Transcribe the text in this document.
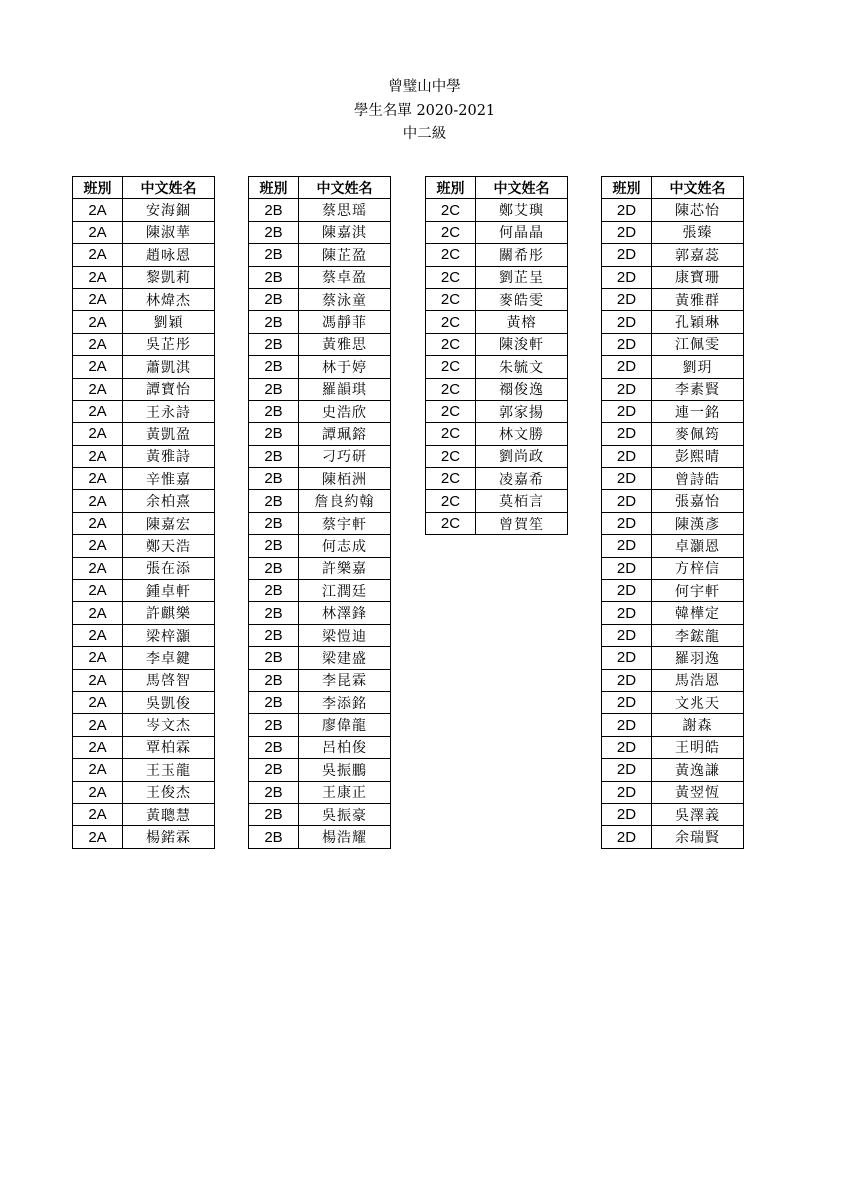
曾璧山中學
學生名單 2020-2021
中二級
班別	中文姓名
2A	安海錮
2A	陳淑華
2A	趙咏恩
2A	黎凱莉
2A	林煒杰
2A	劉穎
2A	吳芷彤
2A	蕭凱淇
2A	譚寶怡
2A	王永詩
2A	黃凱盈
2A	黃雅詩
2A	辛惟嘉
2A	余柏熹
2A	陳嘉宏
2A	鄭天浩
2A	張在添
2A	鍾卓軒
2A	許麒樂
2A	梁梓灝
2A	李卓鍵
2A	馬啓智
2A	吳凱俊
2A	岑文杰
2A	覃柏霖
2A	王玉龍
2A	王俊杰
2A	黃聰慧
2A	楊鍩霖
班別	中文姓名
2B	蔡思瑶
2B	陳嘉淇
2B	陳芷盈
2B	蔡卓盈
2B	蔡泳童
2B	馮靜菲
2B	黃雅思
2B	林于婷
2B	羅韻琪
2B	史浩欣
2B	譚珮鎔
2B	刁巧研
2B	陳栢洲
2B	詹良約翰
2B	蔡宇軒
2B	何志成
2B	許樂嘉
2B	江潤廷
2B	林澤鋒
2B	梁愷迪
2B	梁建盛
2B	李昆霖
2B	李添銘
2B	廖偉龍
2B	呂柏俊
2B	吳振鵬
2B	王康正
2B	吳振豪
2B	楊浩耀
班別	中文姓名
2C	鄭艾璵
2C	何晶晶
2C	關希彤
2C	劉芷呈
2C	麥皓雯
2C	黃榕
2C	陳浚軒
2C	朱毓文
2C	禤俊逸
2C	郭家揚
2C	林文勝
2C	劉尚政
2C	凌嘉希
2C	莫栢言
2C	曾賀笙
班別	中文姓名
2D	陳芯怡
2D	張臻
2D	郭嘉蕊
2D	康寶珊
2D	黃雅群
2D	孔穎琳
2D	江佩雯
2D	劉玥
2D	李素賢
2D	連一銘
2D	麥佩筠
2D	彭熙晴
2D	曾詩皓
2D	張嘉怡
2D	陳漢彥
2D	卓灝恩
2D	方梓信
2D	何宇軒
2D	韓樺定
2D	李鋐龍
2D	羅羽逸
2D	馬浩恩
2D	文兆天
2D	謝森
2D	王明皓
2D	黃逸謙
2D	黃翌恆
2D	吳澤義
2D	余瑞賢
